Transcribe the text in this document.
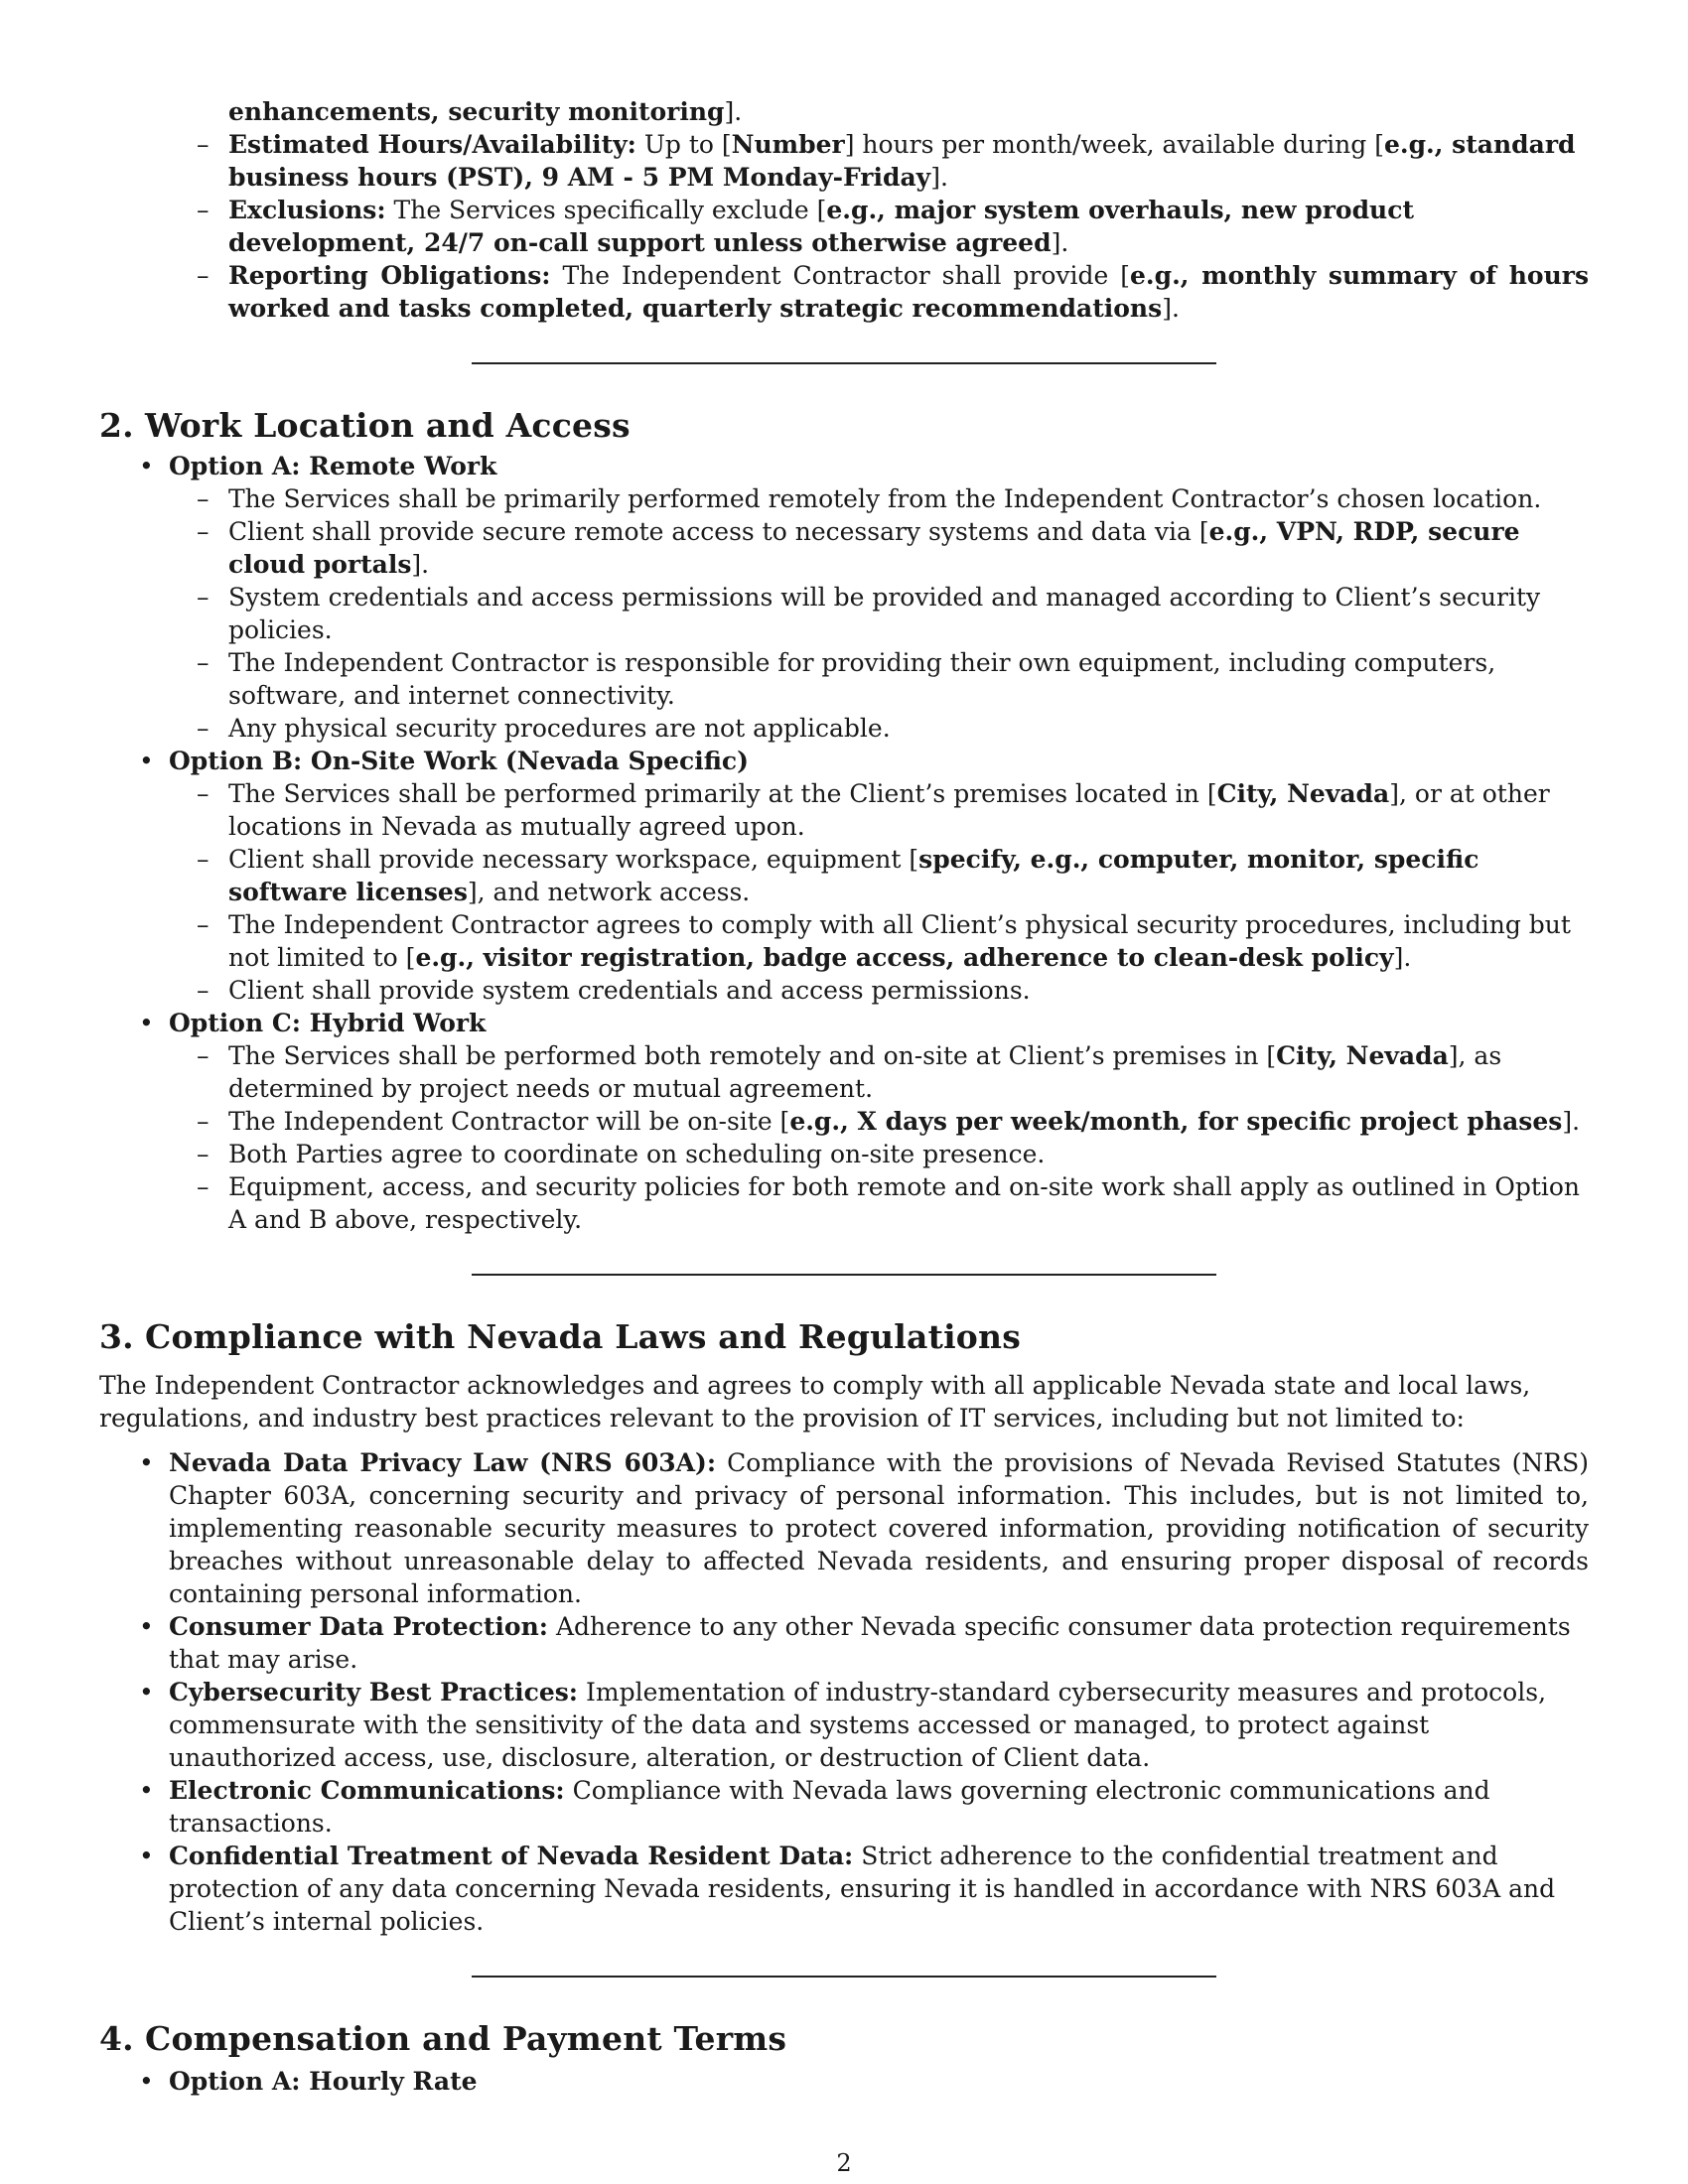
enhancements, security monitoring].
– Estimated Hours/Availability: Up to [Number] hours per month/week, available during [e.g., standard business hours (PST), 9 AM - 5 PM Monday-Friday].
– Exclusions: The Services specifically exclude [e.g., major system overhauls, new product development, 24/7 on-call support unless otherwise agreed].
– Reporting Obligations: The Independent Contractor shall provide [e.g., monthly summary of hours worked and tasks completed, quarterly strategic recommendations].
2. Work Location and Access
• Option A: Remote Work
– The Services shall be primarily performed remotely from the Independent Contractor’s chosen location.
– Client shall provide secure remote access to necessary systems and data via [e.g., VPN, RDP, secure cloud portals].
– System credentials and access permissions will be provided and managed according to Client’s security policies.
– The Independent Contractor is responsible for providing their own equipment, including computers, software, and internet connectivity.
– Any physical security procedures are not applicable.
• Option B: On-Site Work (Nevada Specific)
– The Services shall be performed primarily at the Client’s premises located in [City, Nevada], or at other locations in Nevada as mutually agreed upon.
– Client shall provide necessary workspace, equipment [specify, e.g., computer, monitor, specific software licenses], and network access.
– The Independent Contractor agrees to comply with all Client’s physical security procedures, including but not limited to [e.g., visitor registration, badge access, adherence to clean-desk policy].
– Client shall provide system credentials and access permissions.
• Option C: Hybrid Work
– The Services shall be performed both remotely and on-site at Client’s premises in [City, Nevada], as determined by project needs or mutual agreement.
– The Independent Contractor will be on-site [e.g., X days per week/month, for specific project phases].
– Both Parties agree to coordinate on scheduling on-site presence.
– Equipment, access, and security policies for both remote and on-site work shall apply as outlined in Option A and B above, respectively.
3. Compliance with Nevada Laws and Regulations

The Independent Contractor acknowledges and agrees to comply with all applicable Nevada state and local laws, regulations, and industry best practices relevant to the provision of IT services, including but not limited to:

• Nevada Data Privacy Law (NRS 603A): Compliance with the provisions of Nevada Revised Statutes (NRS) Chapter 603A, concerning security and privacy of personal information. This includes, but is not limited to, implementing reasonable security measures to protect covered information, providing notification of security breaches without unreasonable delay to affected Nevada residents, and ensuring proper disposal of records containing personal information.
• Consumer Data Protection: Adherence to any other Nevada specific consumer data protection requirements that may arise.
• Cybersecurity Best Practices: Implementation of industry-standard cybersecurity measures and protocols, commensurate with the sensitivity of the data and systems accessed or managed, to protect against unauthorized access, use, disclosure, alteration, or destruction of Client data.
• Electronic Communications: Compliance with Nevada laws governing electronic communications and transactions.
• Confidential Treatment of Nevada Resident Data: Strict adherence to the confidential treatment and protection of any data concerning Nevada residents, ensuring it is handled in accordance with NRS 603A and Client’s internal policies.
4. Compensation and Payment Terms
• Option A: Hourly Rate
2
